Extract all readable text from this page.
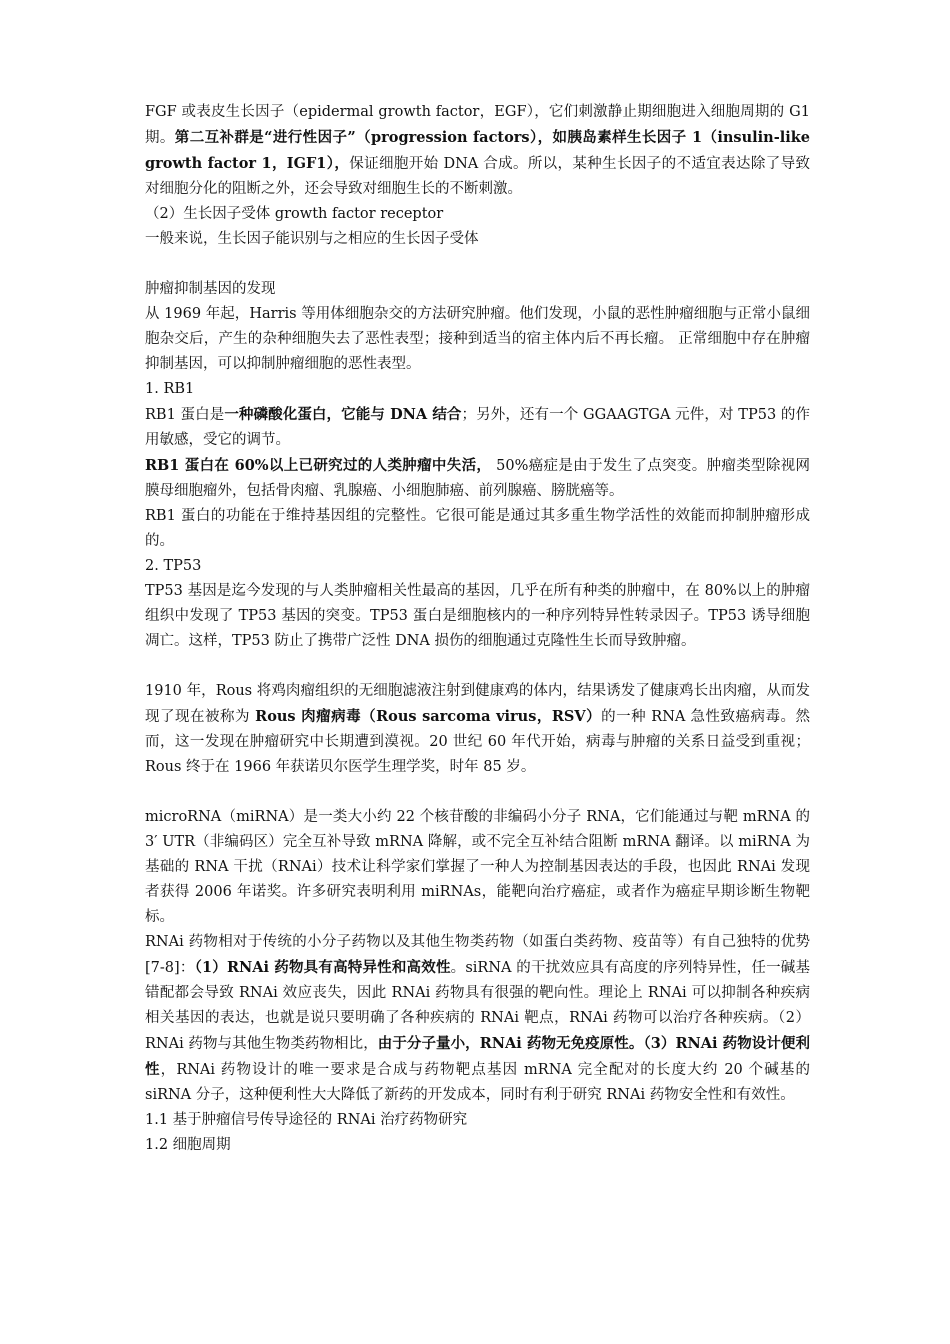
FGF 或表皮生长因子（epidermal growth factor，EGF），它们刺激静止期细胞进入细胞周期的 G1 期。第二互补群是“进行性因子”（progression factors），如胰岛素样生长因子 1（insulin-like growth factor 1，IGF1），保证细胞开始 DNA 合成。所以，某种生长因子的不适宜表达除了导致对细胞分化的阻断之外，还会导致对细胞生长的不断刺激。

（2）生长因子受体 growth factor receptor

一般来说，生长因子能识别与之相应的生长因子受体

肿瘤抑制基因的发现

从 1969 年起，Harris 等用体细胞杂交的方法研究肿瘤。他们发现，小鼠的恶性肿瘤细胞与正常小鼠细胞杂交后，产生的杂种细胞失去了恶性表型；接种到适当的宿主体内后不再长瘤。 正常细胞中存在肿瘤抑制基因，可以抑制肿瘤细胞的恶性表型。

1. RB1

RB1 蛋白是一种磷酸化蛋白，它能与 DNA 结合；另外，还有一个 GGAAGTGA 元件，对 TP53 的作用敏感，受它的调节。

RB1 蛋白在 60%以上已研究过的人类肿瘤中失活， 50%癌症是由于发生了点突变。肿瘤类型除视网膜母细胞瘤外，包括骨肉瘤、乳腺癌、小细胞肺癌、前列腺癌、膀胱癌等。

RB1 蛋白的功能在于维持基因组的完整性。它很可能是通过其多重生物学活性的效能而抑制肿瘤形成的。

2. TP53

TP53 基因是迄今发现的与人类肿瘤相关性最高的基因，几乎在所有种类的肿瘤中，在 80%以上的肿瘤组织中发现了 TP53 基因的突变。TP53 蛋白是细胞核内的一种序列特异性转录因子。TP53 诱导细胞凋亡。这样，TP53 防止了携带广泛性 DNA 损伤的细胞通过克隆性生长而导致肿瘤。

1910 年，Rous 将鸡肉瘤组织的无细胞滤液注射到健康鸡的体内，结果诱发了健康鸡长出肉瘤，从而发现了现在被称为 Rous 肉瘤病毒（Rous sarcoma virus，RSV）的一种 RNA 急性致癌病毒。然而，这一发现在肿瘤研究中长期遭到漠视。20 世纪 60 年代开始，病毒与肿瘤的关系日益受到重视；Rous 终于在 1966 年获诺贝尔医学生理学奖，时年 85 岁。

microRNA（miRNA）是一类大小约 22 个核苷酸的非编码小分子 RNA，它们能通过与靶 mRNA 的 3′ UTR（非编码区）完全互补导致 mRNA 降解，或不完全互补结合阻断 mRNA 翻译。以 miRNA 为基础的 RNA 干扰（RNAi）技术让科学家们掌握了一种人为控制基因表达的手段，也因此 RNAi 发现者获得 2006 年诺奖。许多研究表明利用 miRNAs，能靶向治疗癌症，或者作为癌症早期诊断生物靶标。

RNAi 药物相对于传统的小分子药物以及其他生物类药物（如蛋白类药物、疫苗等）有自己独特的优势[7-8]：（1）RNAi 药物具有高特异性和高效性。siRNA 的干扰效应具有高度的序列特异性，任一碱基错配都会导致 RNAi 效应丧失，因此 RNAi 药物具有很强的靶向性。理论上 RNAi 可以抑制各种疾病相关基因的表达，也就是说只要明确了各种疾病的 RNAi 靶点，RNAi 药物可以治疗各种疾病。（2）RNAi 药物与其他生物类药物相比，由于分子量小，RNAi 药物无免疫原性。（3）RNAi 药物设计便利性，RNAi 药物设计的唯一要求是合成与药物靶点基因 mRNA 完全配对的长度大约 20 个碱基的 siRNA 分子，这种便利性大大降低了新药的开发成本，同时有利于研究 RNAi 药物安全性和有效性。

1.1 基于肿瘤信号传导途径的 RNAi 治疗药物研究

1.2 细胞周期
